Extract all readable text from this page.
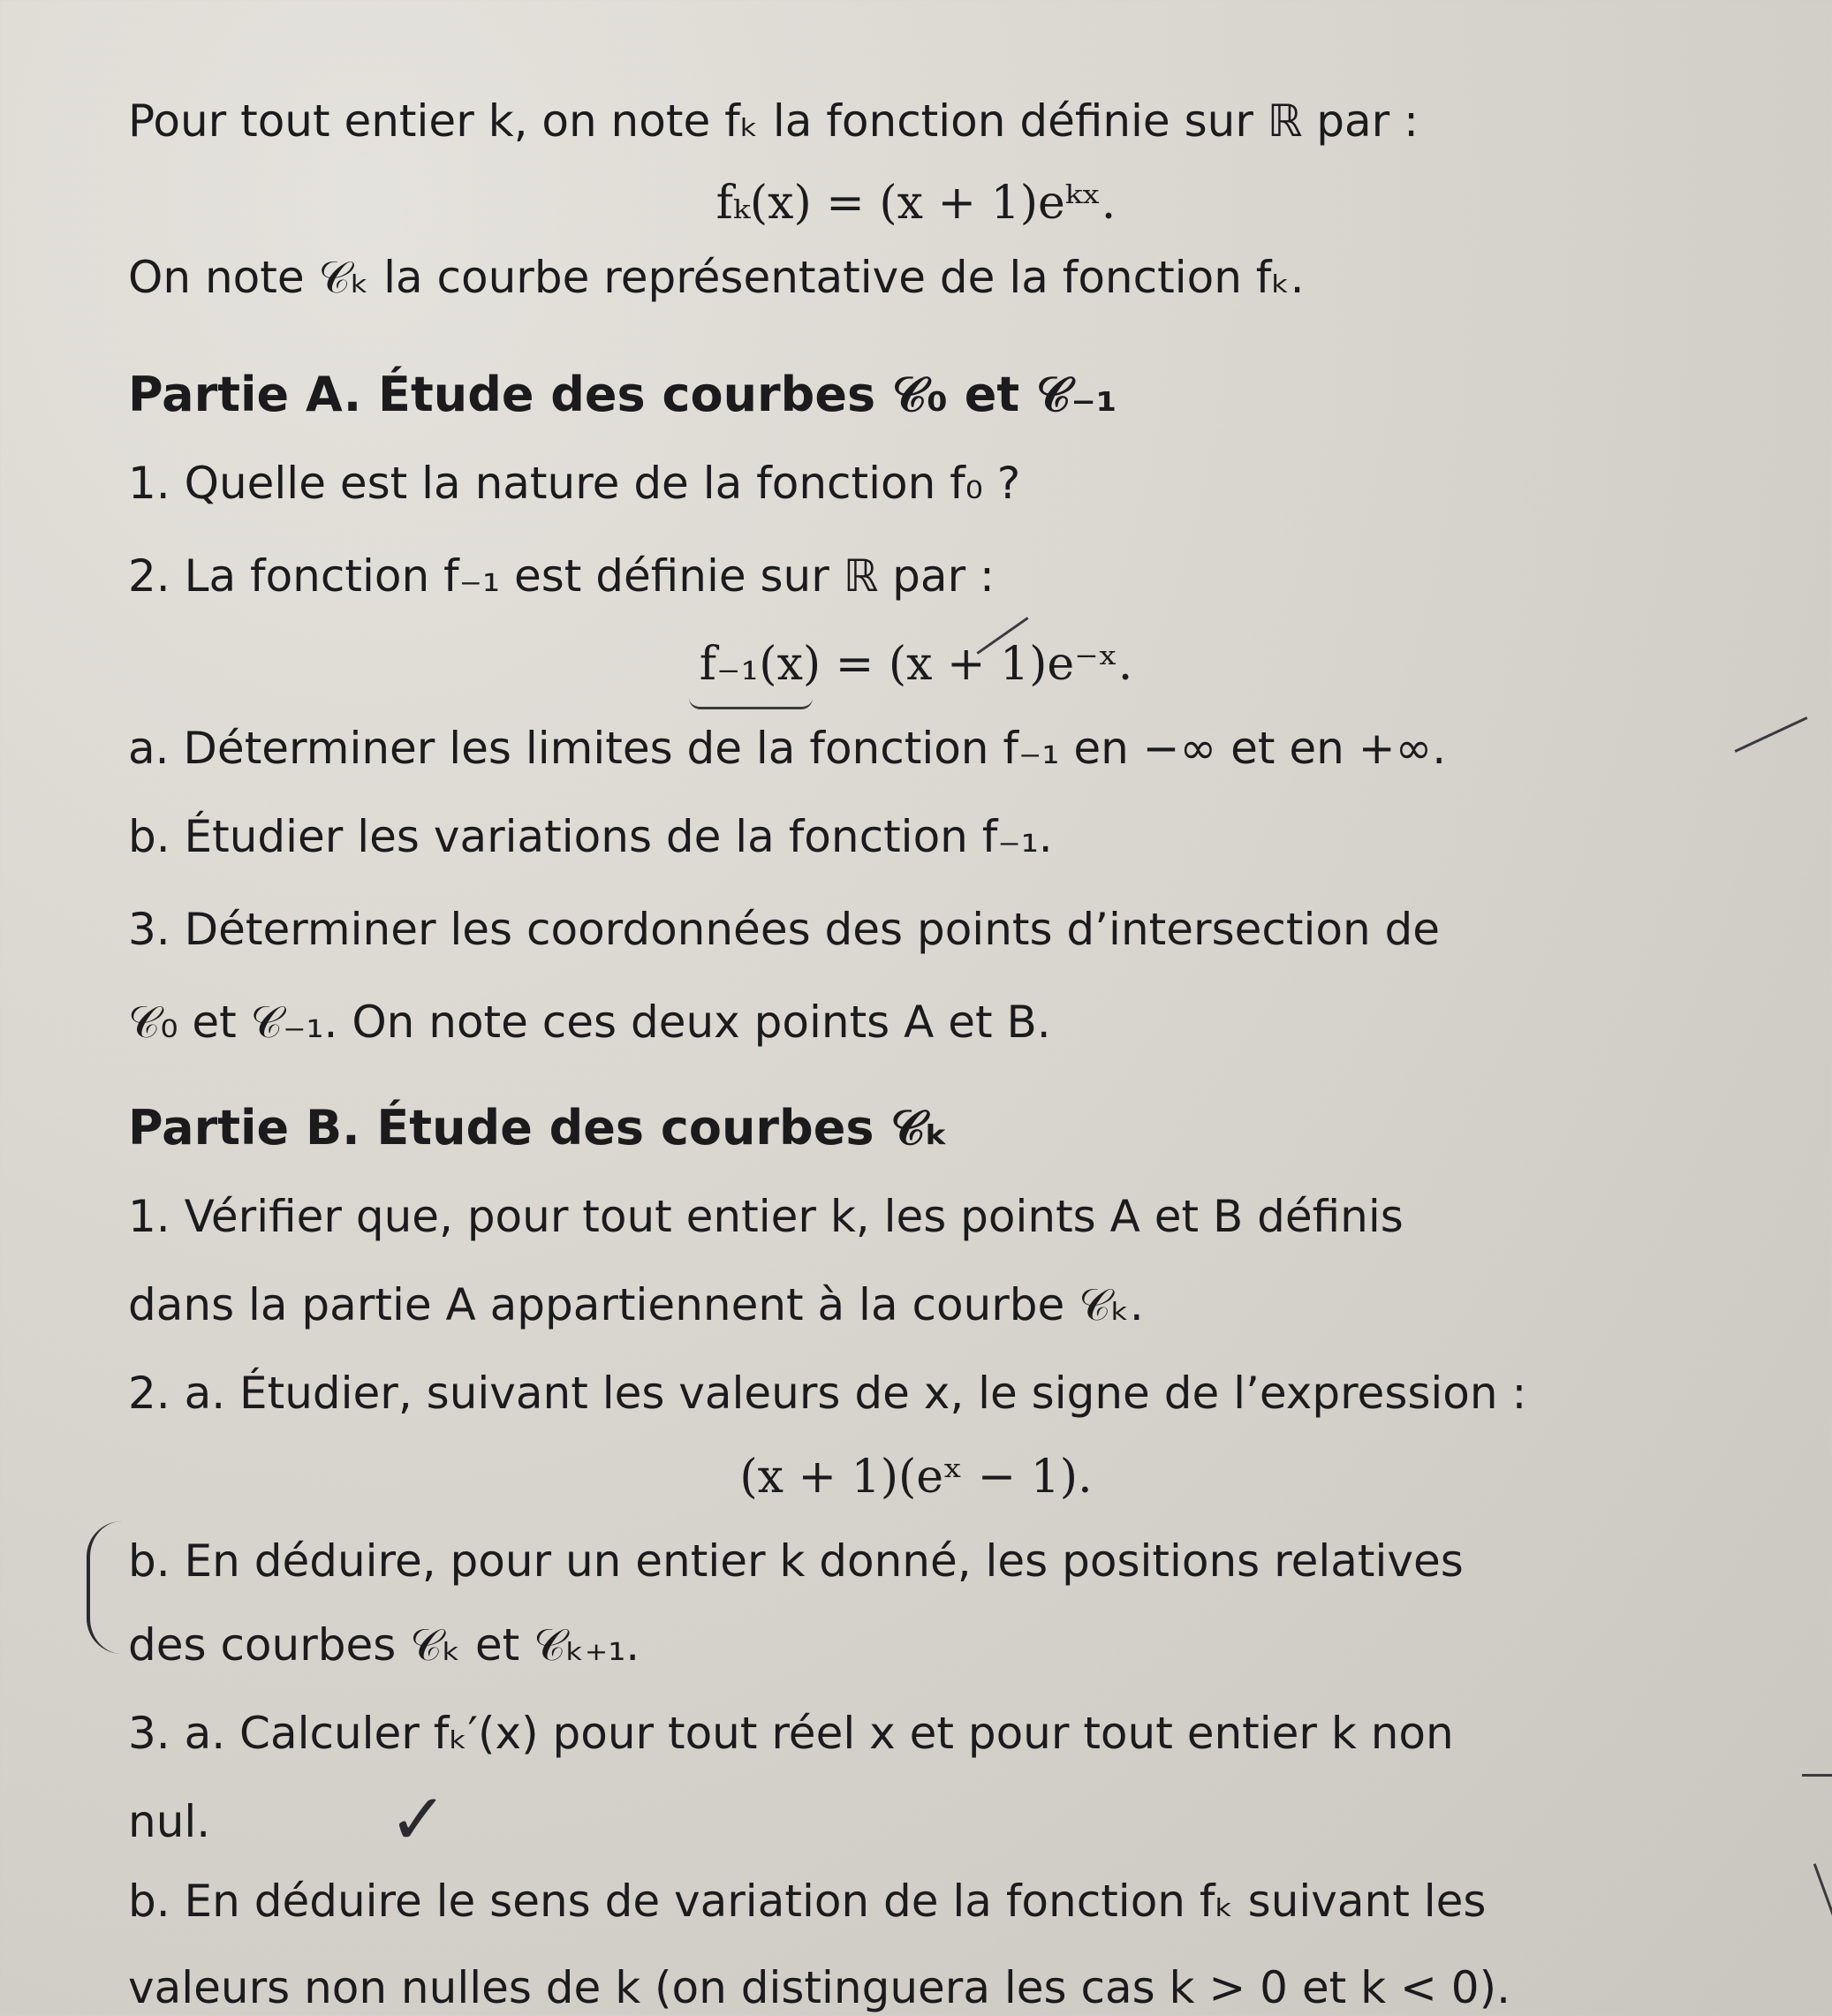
Pour tout entier k, on note fₖ la fonction définie sur ℝ par :
fₖ(x) = (x + 1)eᵏˣ.
On note 𝒞ₖ la courbe représentative de la fonction fₖ.
Partie A. Étude des courbes 𝒞₀ et 𝒞₋₁
1. Quelle est la nature de la fonction f₀ ?
2. La fonction f₋₁ est définie sur ℝ par :
f₋₁(x) = (x + 1)e⁻ˣ.
a. Déterminer les limites de la fonction f₋₁ en −∞ et en +∞.
b. Étudier les variations de la fonction f₋₁.
3. Déterminer les coordonnées des points d’intersection de
𝒞₀ et 𝒞₋₁. On note ces deux points A et B.
Partie B. Étude des courbes 𝒞ₖ
1. Vérifier que, pour tout entier k, les points A et B définis
dans la partie A appartiennent à la courbe 𝒞ₖ.
2. a. Étudier, suivant les valeurs de x, le signe de l’expression :
(x + 1)(eˣ − 1).
b. En déduire, pour un entier k donné, les positions relatives
des courbes 𝒞ₖ et 𝒞ₖ₊₁.
3. a. Calculer fₖ′(x) pour tout réel x et pour tout entier k non
nul.	✓
b. En déduire le sens de variation de la fonction fₖ suivant les
valeurs non nulles de k (on distinguera les cas k > 0 et k < 0).
